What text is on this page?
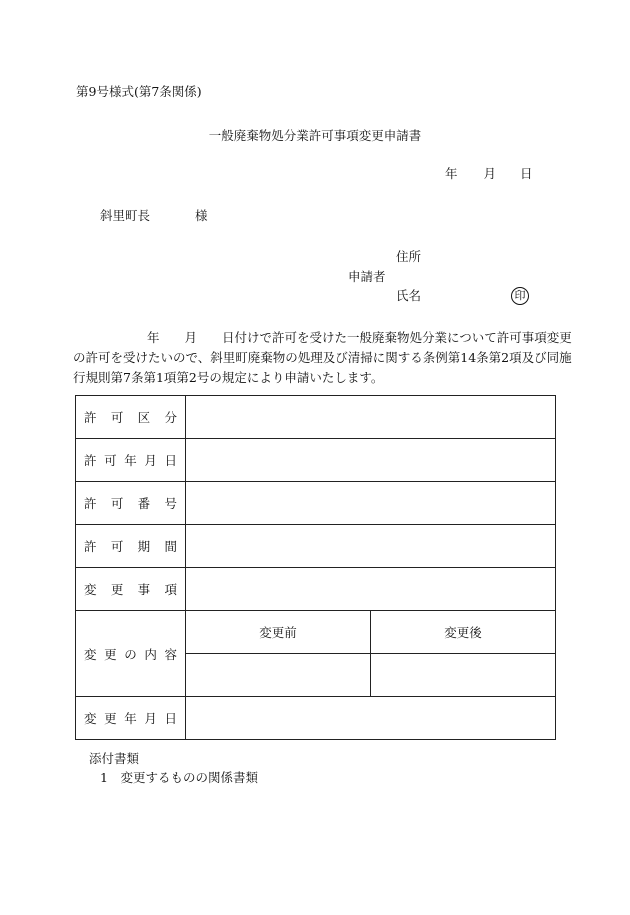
第9号様式(第7条関係)
一般廃棄物処分業許可事項変更申請書
年 月 日
斜里町長	様
住所
申請者
氏名	印
年　　月　　日付けで許可を受けた一般廃棄物処分業について許可事項変更
の許可を受けたいので、斜里町廃棄物の処理及び清掃に関する条例第14条第2項及び同施
行規則第7条第1項第2号の規定により申請いたします。
許 可 区 分		

許 可 年 月 日		

許 可 番 号		

許 可 期 間		

変 更 事 項		

変 更 の 内 容	変更前	変更後

変 更 年 月 日		

添付書類
1　変更するものの関係書類
